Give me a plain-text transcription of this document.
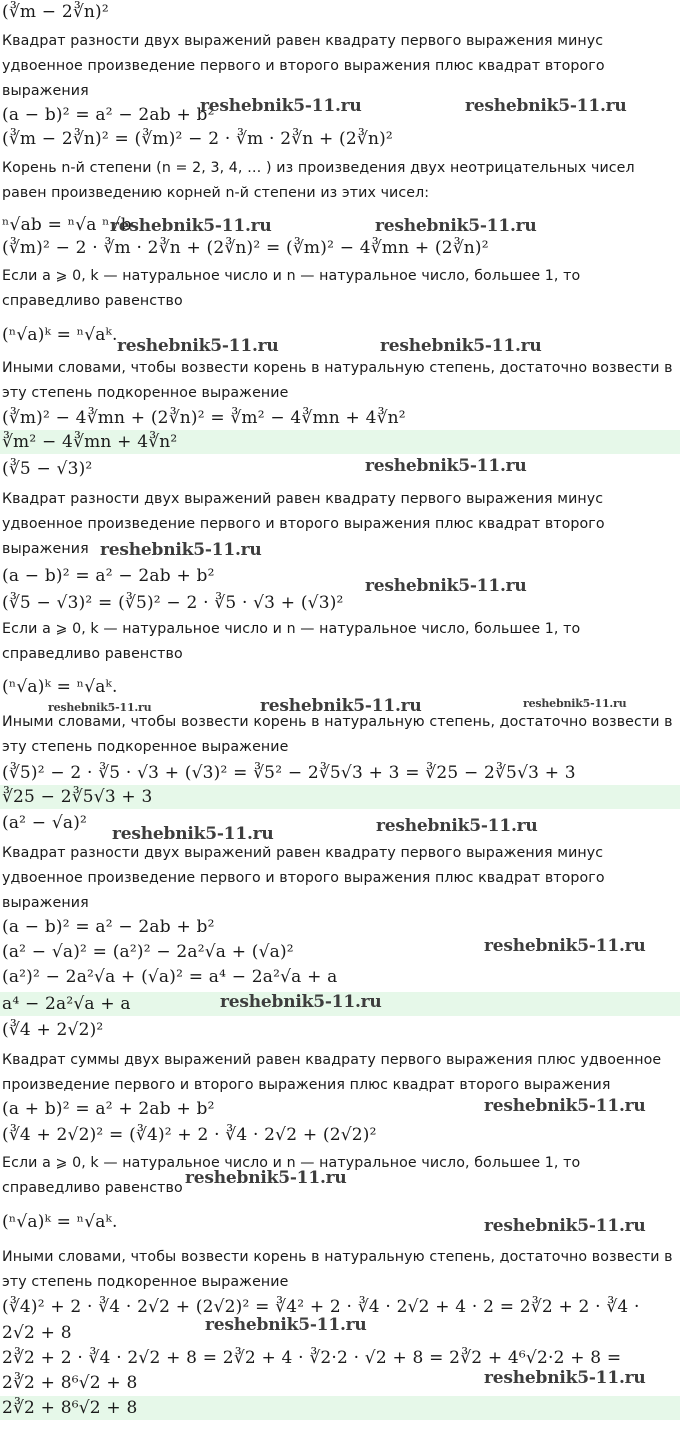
(∛m − 2∛n)²
Квадрат разности двух выражений равен квадрату первого выражения минус
удвоенное произведение первого и второго выражения плюс квадрат второго
выражения
(a − b)² = a² − 2ab + b²
(∛m − 2∛n)² = (∛m)² − 2 · ∛m · 2∛n + (2∛n)²
Корень n-й степени (n = 2, 3, 4, … ) из произведения двух неотрицательных чисел
равен произведению корней n-й степени из этих чисел:
ⁿ√ab = ⁿ√a ⁿ√b
(∛m)² − 2 · ∛m · 2∛n + (2∛n)² = (∛m)² − 4∛mn + (2∛n)²
Если a ⩾ 0, k — натуральное число и n — натуральное число, большее 1, то
справедливо равенство
(ⁿ√a)ᵏ = ⁿ√aᵏ.
Иными словами, чтобы возвести корень в натуральную степень, достаточно возвести в
эту степень подкоренное выражение
(∛m)² − 4∛mn + (2∛n)² = ∛m² − 4∛mn + 4∛n²
∛m² − 4∛mn + 4∛n²
(∛5 − √3)²
Квадрат разности двух выражений равен квадрату первого выражения минус
удвоенное произведение первого и второго выражения плюс квадрат второго
выражения
(a − b)² = a² − 2ab + b²
(∛5 − √3)² = (∛5)² − 2 · ∛5 · √3 + (√3)²
Если a ⩾ 0, k — натуральное число и n — натуральное число, большее 1, то
справедливо равенство
(ⁿ√a)ᵏ = ⁿ√aᵏ.
Иными словами, чтобы возвести корень в натуральную степень, достаточно возвести в
эту степень подкоренное выражение
(∛5)² − 2 · ∛5 · √3 + (√3)² = ∛5² − 2∛5√3 + 3 = ∛25 − 2∛5√3 + 3
∛25 − 2∛5√3 + 3
(a² − √a)²
Квадрат разности двух выражений равен квадрату первого выражения минус
удвоенное произведение первого и второго выражения плюс квадрат второго
выражения
(a − b)² = a² − 2ab + b²
(a² − √a)² = (a²)² − 2a²√a + (√a)²
(a²)² − 2a²√a + (√a)² = a⁴ − 2a²√a + a
a⁴ − 2a²√a + a
(∛4 + 2√2)²
Квадрат суммы двух выражений равен квадрату первого выражения плюс удвоенное
произведение первого и второго выражения плюс квадрат второго выражения
(a + b)² = a² + 2ab + b²
(∛4 + 2√2)² = (∛4)² + 2 · ∛4 · 2√2 + (2√2)²
Если a ⩾ 0, k — натуральное число и n — натуральное число, большее 1, то
справедливо равенство
(ⁿ√a)ᵏ = ⁿ√aᵏ.
Иными словами, чтобы возвести корень в натуральную степень, достаточно возвести в
эту степень подкоренное выражение
(∛4)² + 2 · ∛4 · 2√2 + (2√2)² = ∛4² + 2 · ∛4 · 2√2 + 4 · 2 = 2∛2 + 2 · ∛4 ·
2√2 + 8
2∛2 + 2 · ∛4 · 2√2 + 8 = 2∛2 + 4 · ∛2·2 · √2 + 8 = 2∛2 + 4⁶√2·2 + 8 =
2∛2 + 8⁶√2 + 8
2∛2 + 8⁶√2 + 8
reshebnik5-11.ru	reshebnik5-11.ru
reshebnik5-11.ru	reshebnik5-11.ru
reshebnik5-11.ru	reshebnik5-11.ru
reshebnik5-11.ru
reshebnik5-11.ru
reshebnik5-11.ru
reshebnik5-11.ru	reshebnik5-11.ru	reshebnik5-11.ru
reshebnik5-11.ru	reshebnik5-11.ru
reshebnik5-11.ru
reshebnik5-11.ru
reshebnik5-11.ru
reshebnik5-11.ru
reshebnik5-11.ru
reshebnik5-11.ru
reshebnik5-11.ru
